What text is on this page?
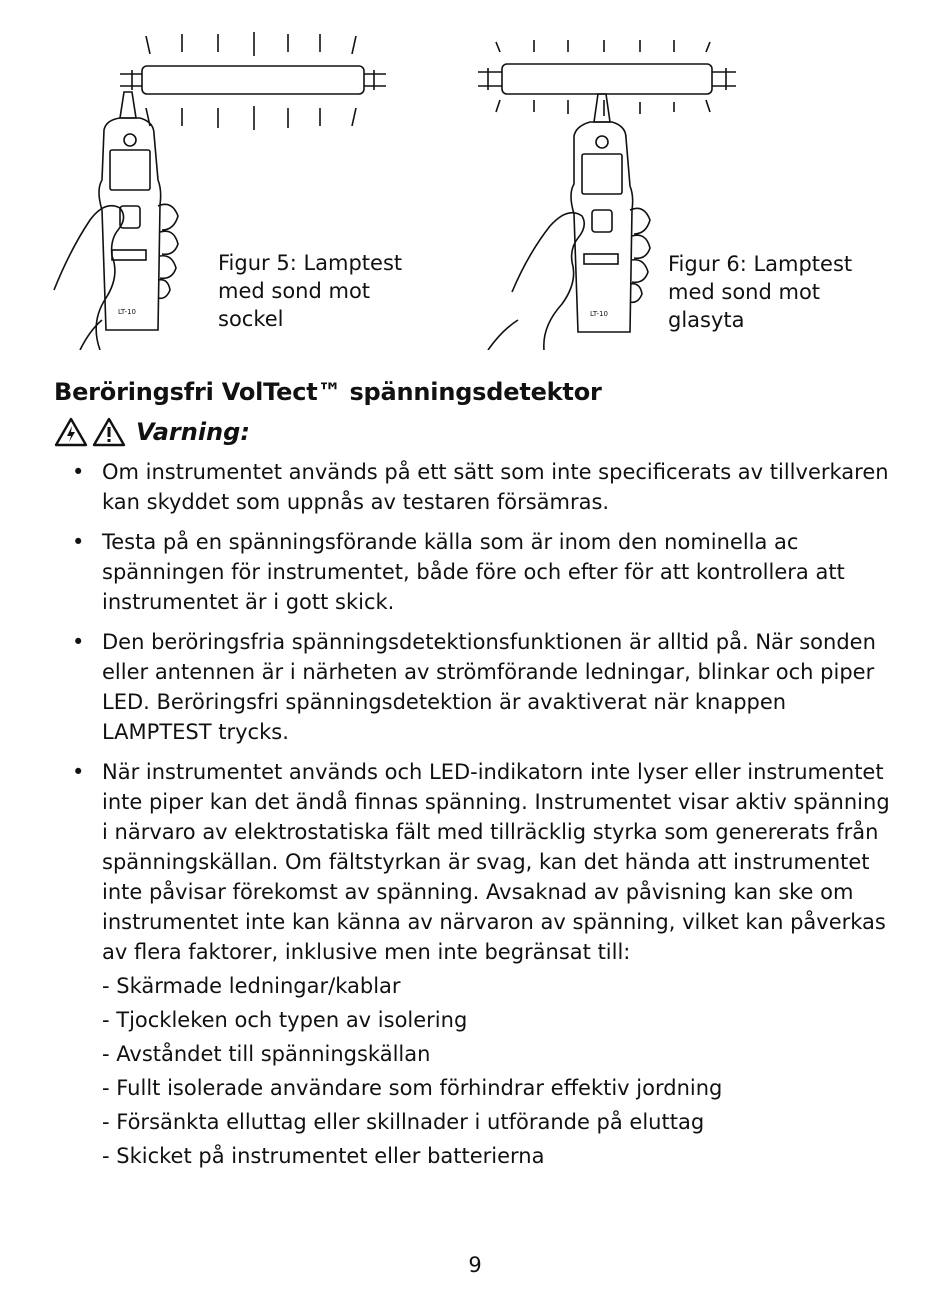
LT-10
Figur 5: Lamptest med sond mot sockel	LT-10
Figur 6: Lamptest med sond mot glasyta
Beröringsfri VolTect™ spänningsdetektor
Varning:
• Om instrumentet används på ett sätt som inte specificerats av tillverkaren kan skyddet som uppnås av testaren försämras.
• Testa på en spänningsförande källa som är inom den nominella ac spänningen för instrumentet, både före och efter för att kontrollera att instrumentet är i gott skick.
• Den beröringsfria spänningsdetektionsfunktionen är alltid på. När sonden eller antennen är i närheten av strömförande ledningar, blinkar och piper LED. Beröringsfri spänningsdetektion är avaktiverat när knappen LAMPTEST trycks.
• När instrumentet används och LED-indikatorn inte lyser eller instrumentet inte piper kan det ändå finnas spänning. Instrumentet visar aktiv spänning i närvaro av elektrostatiska fält med tillräcklig styrka som genererats från spänningskällan. Om fältstyrkan är svag, kan det hända att instrumentet inte påvisar förekomst av spänning. Avsaknad av påvisning kan ske om instrumentet inte kan känna av närvaron av spänning, vilket kan påverkas av flera faktorer, inklusive men inte begränsat till:
- Skärmade ledningar/kablar
- Tjockleken och typen av isolering
- Avståndet till spänningskällan
- Fullt isolerade användare som förhindrar effektiv jordning
- Försänkta elluttag eller skillnader i utförande på eluttag
- Skicket på instrumentet eller batterierna
9
